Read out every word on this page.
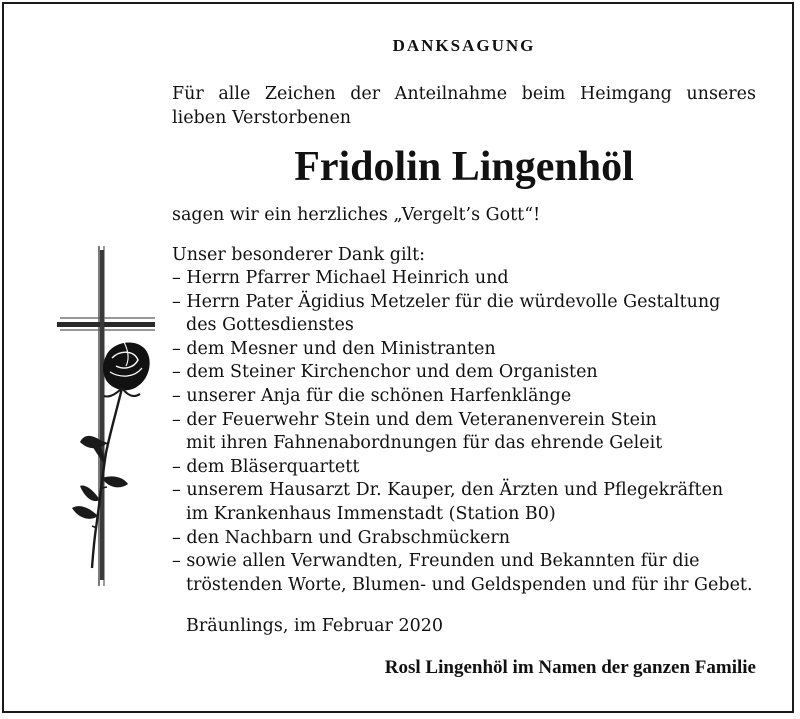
DANKSAGUNG
Für alle Zeichen der Anteilnahme beim Heimgang unseres
lieben Verstorbenen
Fridolin Lingenhöl
sagen wir ein herzliches „Vergelt’s Gott“!
Unser besonderer Dank gilt:
– Herrn Pfarrer Michael Heinrich und
– Herrn Pater Ägidius Metzeler für die würdevolle Gestaltung
des Gottesdienstes
– dem Mesner und den Ministranten
– dem Steiner Kirchenchor und dem Organisten
– unserer Anja für die schönen Harfenklänge
– der Feuerwehr Stein und dem Veteranenverein Stein
mit ihren Fahnenabordnungen für das ehrende Geleit
– dem Bläserquartett
– unserem Hausarzt Dr. Kauper, den Ärzten und Pflegekräften
im Krankenhaus Immenstadt (Station B0)
– den Nachbarn und Grabschmückern
– sowie allen Verwandten, Freunden und Bekannten für die
tröstenden Worte, Blumen- und Geldspenden und für ihr Gebet.
Bräunlings, im Februar 2020
Rosl Lingenhöl im Namen der ganzen Familie
